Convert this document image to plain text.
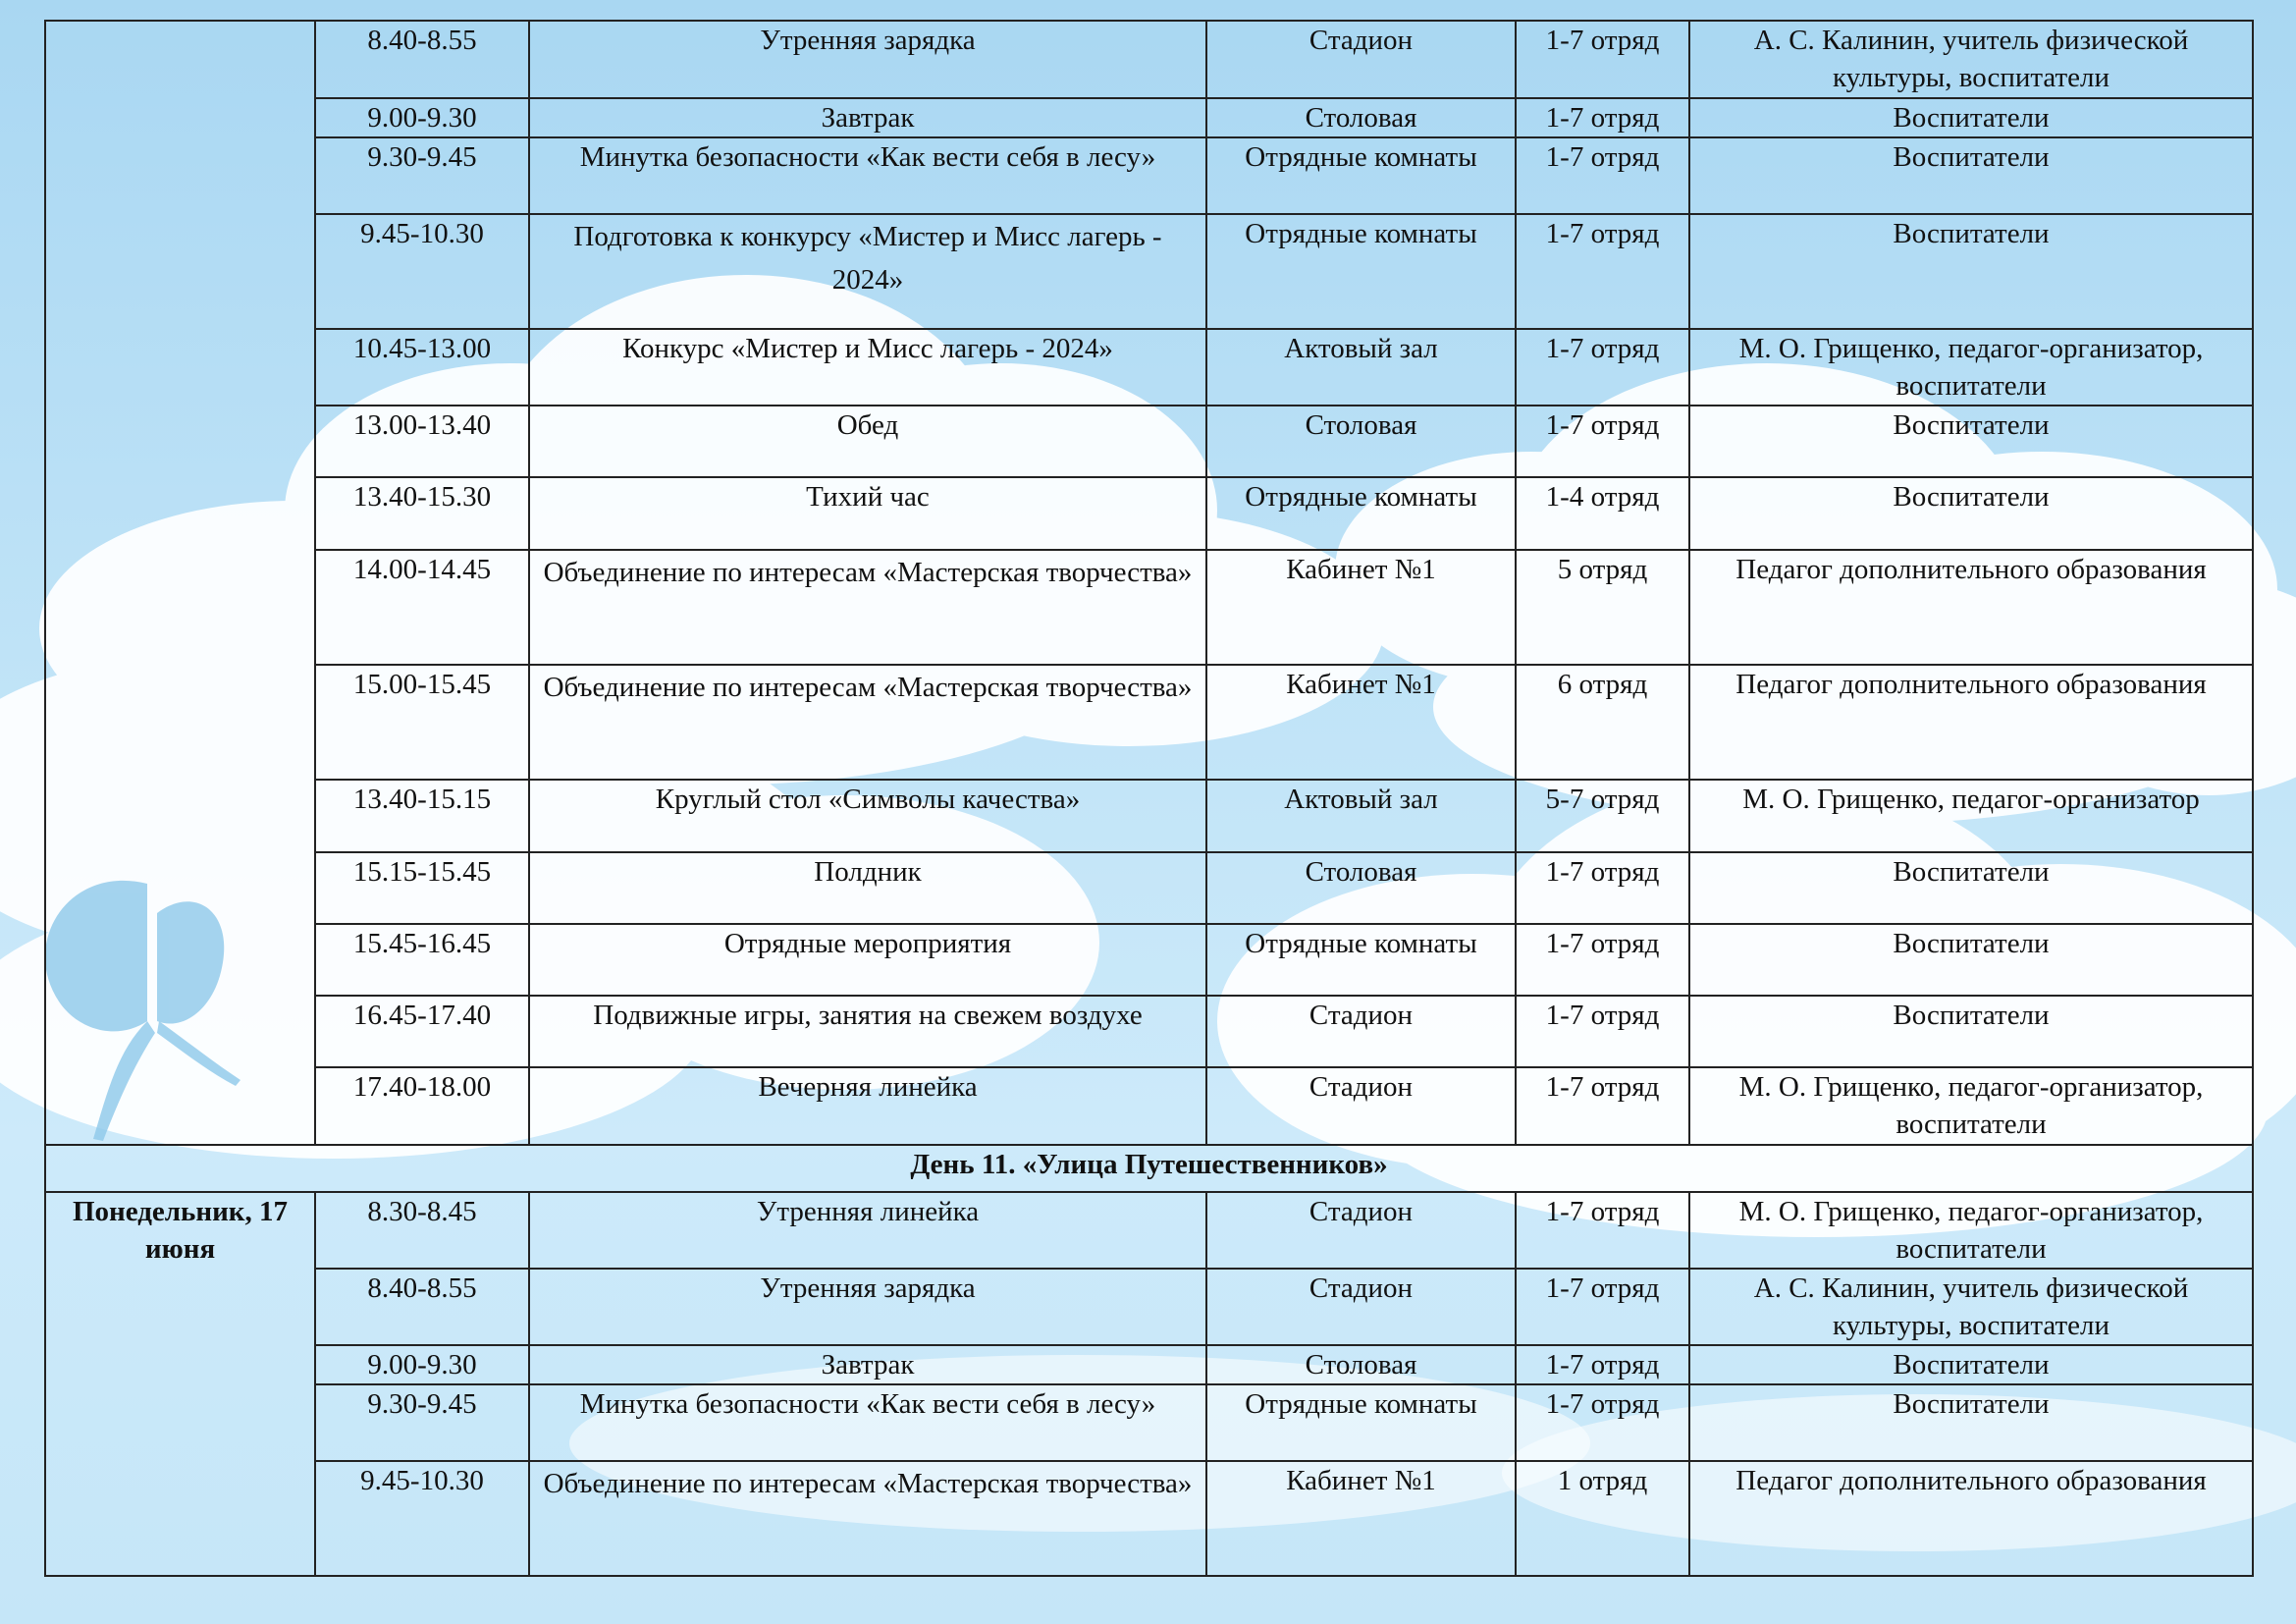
	8.40-8.55	Утренняя зарядка	Стадион	1-7 отряд	А. С. Калинин, учитель физической культуры, воспитатели
	9.00-9.30	Завтрак	Столовая	1-7 отряд	Воспитатели
	9.30-9.45	Минутка безопасности «Как вести себя в лесу»	Отрядные комнаты	1-7 отряд	Воспитатели
	9.45-10.30	Подготовка к конкурсу «Мистер и Мисс лагерь - 2024»	Отрядные комнаты	1-7 отряд	Воспитатели
	10.45-13.00	Конкурс «Мистер и Мисс лагерь - 2024»	Актовый зал	1-7 отряд	М. О. Грищенко, педагог-организатор, воспитатели
	13.00-13.40	Обед	Столовая	1-7 отряд	Воспитатели
	13.40-15.30	Тихий час	Отрядные комнаты	1-4 отряд	Воспитатели
	14.00-14.45	Объединение по интересам «Мастерская творчества»	Кабинет №1	5 отряд	Педагог дополнительного образования
	15.00-15.45	Объединение по интересам «Мастерская творчества»	Кабинет №1	6 отряд	Педагог дополнительного образования
	13.40-15.15	Круглый стол «Символы качества»	Актовый зал	5-7 отряд	М. О. Грищенко, педагог-организатор
	15.15-15.45	Полдник	Столовая	1-7 отряд	Воспитатели
	15.45-16.45	Отрядные мероприятия	Отрядные комнаты	1-7 отряд	Воспитатели
	16.45-17.40	Подвижные игры, занятия на свежем воздухе	Стадион	1-7 отряд	Воспитатели
	17.40-18.00	Вечерняя линейка	Стадион	1-7 отряд	М. О. Грищенко, педагог-организатор, воспитатели
День 11. «Улица Путешественников»					
Понедельник, 17 июня	8.30-8.45	Утренняя линейка	Стадион	1-7 отряд	М. О. Грищенко, педагог-организатор, воспитатели
	8.40-8.55	Утренняя зарядка	Стадион	1-7 отряд	А. С. Калинин, учитель физической культуры, воспитатели
	9.00-9.30	Завтрак	Столовая	1-7 отряд	Воспитатели
	9.30-9.45	Минутка безопасности «Как вести себя в лесу»	Отрядные комнаты	1-7 отряд	Воспитатели
	9.45-10.30	Объединение по интересам «Мастерская творчества»	Кабинет №1	1 отряд	Педагог дополнительного образования
